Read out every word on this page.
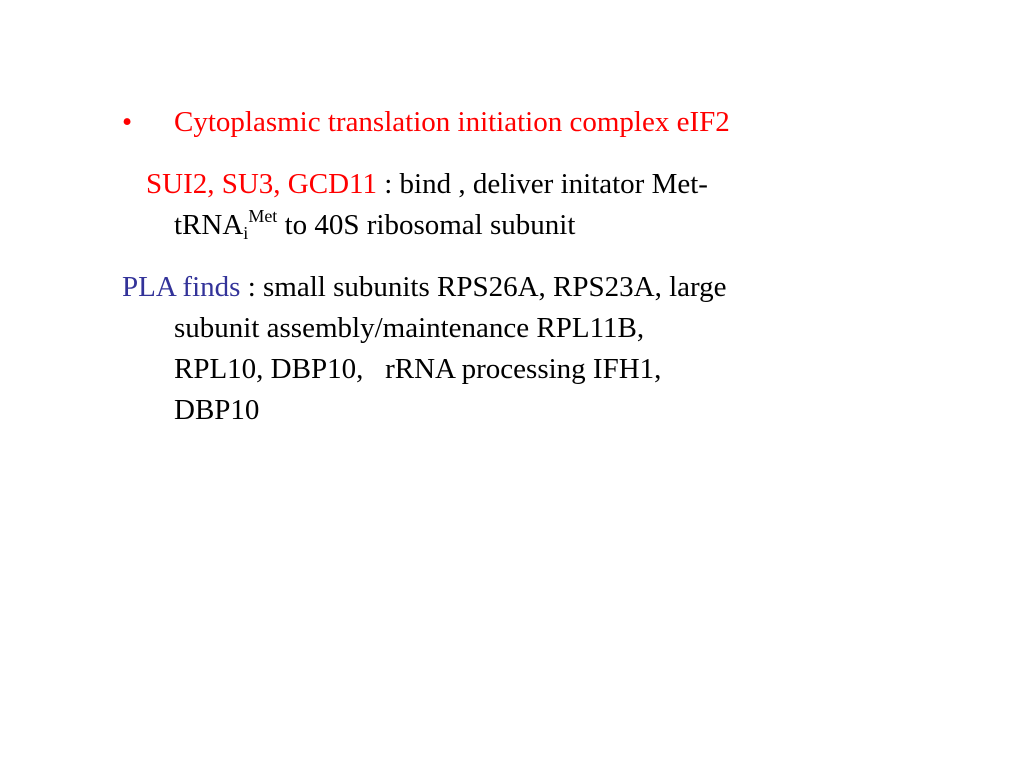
• Cytoplasmic translation initiation complex eIF2
SUI2, SU3, GCD11 : bind , deliver initator Met-
tRNA$_i^{Met}$ to 40S ribosomal subunit
PLA finds : small subunits RPS26A, RPS23A, large
subunit assembly/maintenance RPL11B,
RPL10, DBP10,   rRNA processing IFH1,
DBP10
